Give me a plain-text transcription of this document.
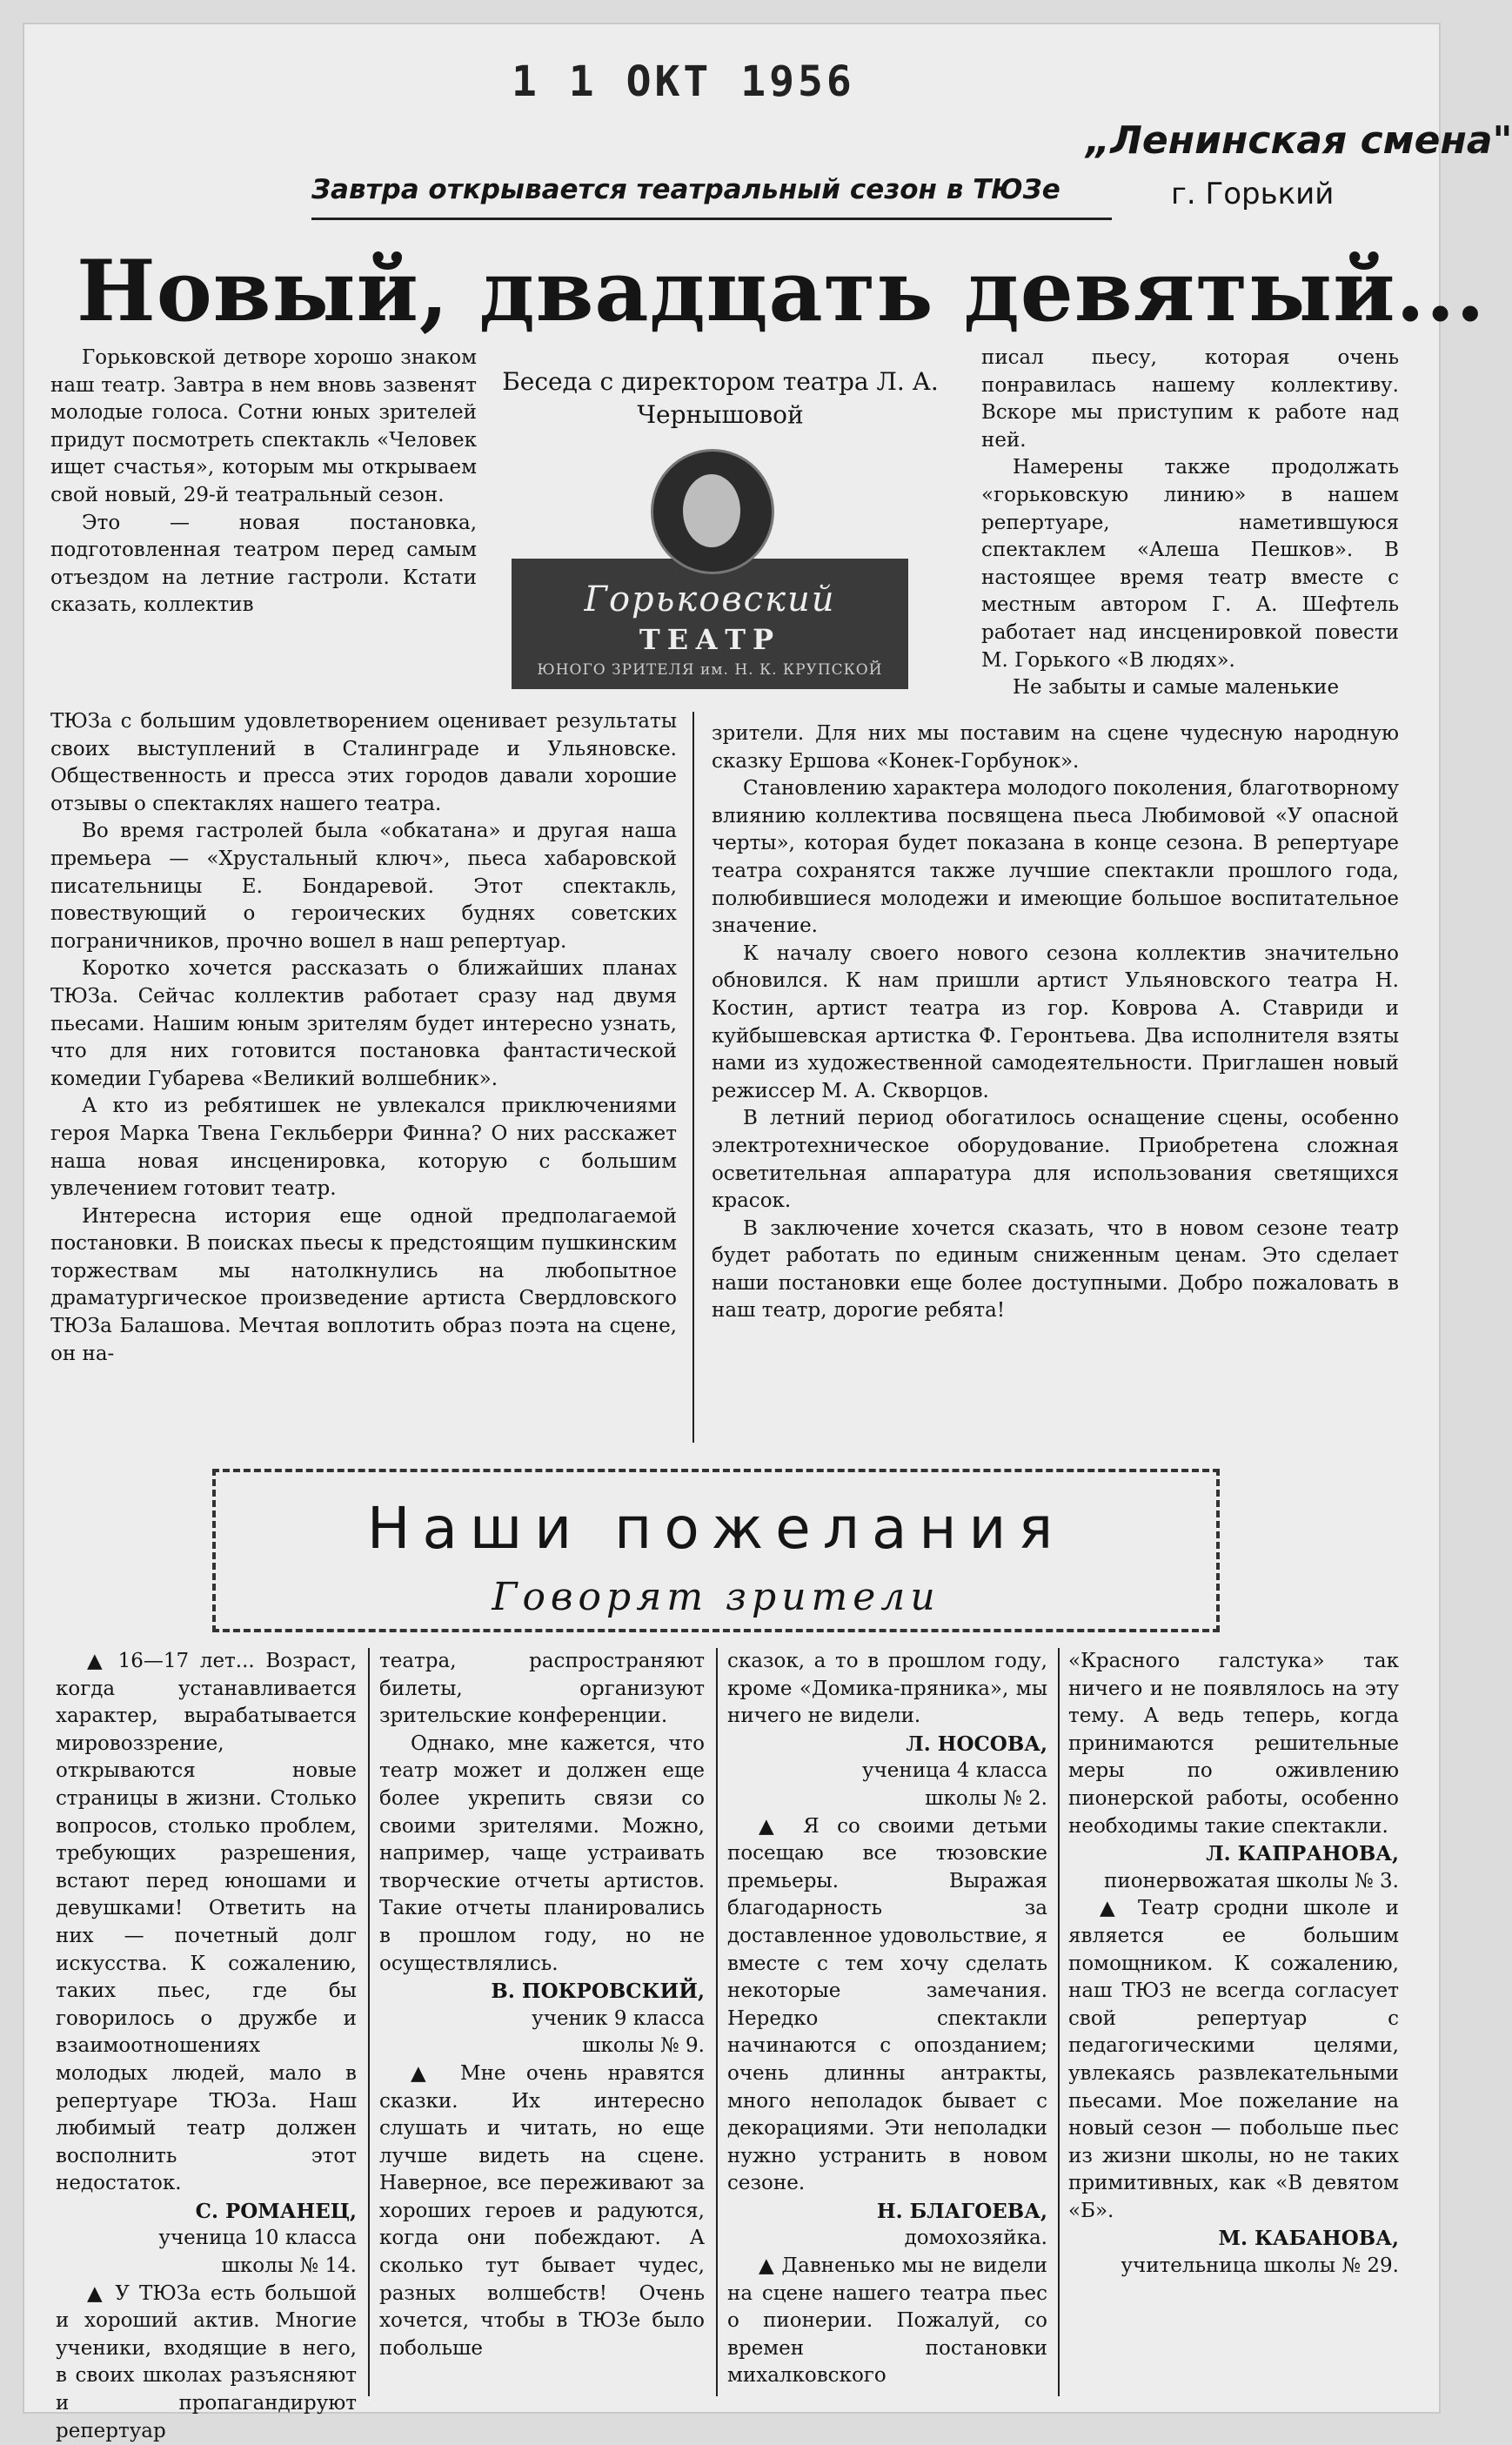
1 1 ОКТ 1956
„Ленинская смена"
г. Горький
Завтра открывается театральный сезон в ТЮЗе
Новый, двадцать девятый...
Беседа с директором театра Л. А. Чернышовой
Горьковский
ТЕАТР
ЮНОГО ЗРИТЕЛЯ им. Н. К. КРУПСКОЙ

Горьковской детворе хорошо знаком наш театр. Завтра в нем вновь зазвенят молодые голоса. Сотни юных зрителей придут посмотреть спектакль «Человек ищет счастья», которым мы открываем свой новый, 29-й театральный сезон.

Это — новая постановка, подготовленная театром перед самым отъездом на летние гастроли. Кстати сказать, коллектив

ТЮЗа с большим удовлетворением оценивает результаты своих выступлений в Сталинграде и Ульяновске. Общественность и пресса этих городов давали хорошие отзывы о спектаклях нашего театра.

Во время гастролей была «обкатана» и другая наша премьера — «Хрустальный ключ», пьеса хабаровской писательницы Е. Бондаревой. Этот спектакль, повествующий о героических буднях советских пограничников, прочно вошел в наш репертуар.

Коротко хочется рассказать о ближайших планах ТЮЗа. Сейчас коллектив работает сразу над двумя пьесами. Нашим юным зрителям будет интересно узнать, что для них готовится постановка фантастической комедии Губарева «Великий волшебник».

А кто из ребятишек не увлекался приключениями героя Марка Твена Гекльберри Финна? О них расскажет наша новая инсценировка, которую с большим увлечением готовит театр.

Интересна история еще одной предполагаемой постановки. В поисках пьесы к предстоящим пушкинским торжествам мы натолкнулись на любопытное драматургическое произведение артиста Свердловского ТЮЗа Балашова. Мечтая воплотить образ поэта на сцене, он на-

писал пьесу, которая очень понравилась нашему коллективу. Вскоре мы приступим к работе над ней.

Намерены также продолжать «горьковскую линию» в нашем репертуаре, наметившуюся спектаклем «Алеша Пешков». В настоящее время театр вместе с местным автором Г. А. Шефтель работает над инсценировкой повести М. Горького «В людях».

Не забыты и самые маленькие

зрители. Для них мы поставим на сцене чудесную народную сказку Ершова «Конек-Горбунок».

Становлению характера молодого поколения, благотворному влиянию коллектива посвящена пьеса Любимовой «У опасной черты», которая будет показана в конце сезона. В репертуаре театра сохранятся также лучшие спектакли прошлого года, полюбившиеся молодежи и имеющие большое воспитательное значение.

К началу своего нового сезона коллектив значительно обновился. К нам пришли артист Ульяновского театра Н. Костин, артист театра из гор. Коврова А. Ставриди и куйбышевская артистка Ф. Геронтьева. Два исполнителя взяты нами из художественной самодеятельности. Приглашен новый режиссер М. А. Скворцов.

В летний период обогатилось оснащение сцены, особенно электротехническое оборудование. Приобретена сложная осветительная аппаратура для использования светящихся красок.

В заключение хочется сказать, что в новом сезоне театр будет работать по единым сниженным ценам. Это сделает наши постановки еще более доступными. Добро пожаловать в наш театр, дорогие ребята!

Наши пожелания
Говорят зрители

▲ 16—17 лет... Возраст, когда устанавливается характер, вырабатывается мировоззрение, открываются новые страницы в жизни. Столько вопросов, столько проблем, требующих разрешения, встают перед юношами и девушками! Ответить на них — почетный долг искусства. К сожалению, таких пьес, где бы говорилось о дружбе и взаимоотношениях молодых людей, мало в репертуаре ТЮЗа. Наш любимый театр должен восполнить этот недостаток.

С. РОМАНЕЦ,

ученица 10 класса

школы № 14.

▲ У ТЮЗа есть большой и хороший актив. Многие ученики, входящие в него, в своих школах разъясняют и пропагандируют репертуар

театра, распространяют билеты, организуют зрительские конференции.

Однако, мне кажется, что театр может и должен еще более укрепить связи со своими зрителями. Можно, например, чаще устраивать творческие отчеты артистов. Такие отчеты планировались в прошлом году, но не осуществлялись.

В. ПОКРОВСКИЙ,

ученик 9 класса

школы № 9.

▲ Мне очень нравятся сказки. Их интересно слушать и читать, но еще лучше видеть на сцене. Наверное, все переживают за хороших героев и радуются, когда они побеждают. А сколько тут бывает чудес, разных волшебств! Очень хочется, чтобы в ТЮЗе было побольше

сказок, а то в прошлом году, кроме «Домика-пряника», мы ничего не видели.

Л. НОСОВА,

ученица 4 класса

школы № 2.

▲ Я со своими детьми посещаю все тюзовские премьеры. Выражая благодарность за доставленное удовольствие, я вместе с тем хочу сделать некоторые замечания. Нередко спектакли начинаются с опозданием; очень длинны антракты, много неполадок бывает с декорациями. Эти неполадки нужно устранить в новом сезоне.

Н. БЛАГОЕВА,

домохозяйка.

▲ Давненько мы не видели на сцене нашего театра пьес о пионерии. Пожалуй, со времен постановки михалковского

«Красного галстука» так ничего и не появлялось на эту тему. А ведь теперь, когда принимаются решительные меры по оживлению пионерской работы, особенно необходимы такие спектакли.

Л. КАПРАНОВА,

пионервожатая школы № 3.

▲ Театр сродни школе и является ее большим помощником. К сожалению, наш ТЮЗ не всегда согласует свой репертуар с педагогическими целями, увлекаясь развлекательными пьесами. Мое пожелание на новый сезон — побольше пьес из жизни школы, но не таких примитивных, как «В девятом «Б».

М. КАБАНОВА,

учительница школы № 29.
